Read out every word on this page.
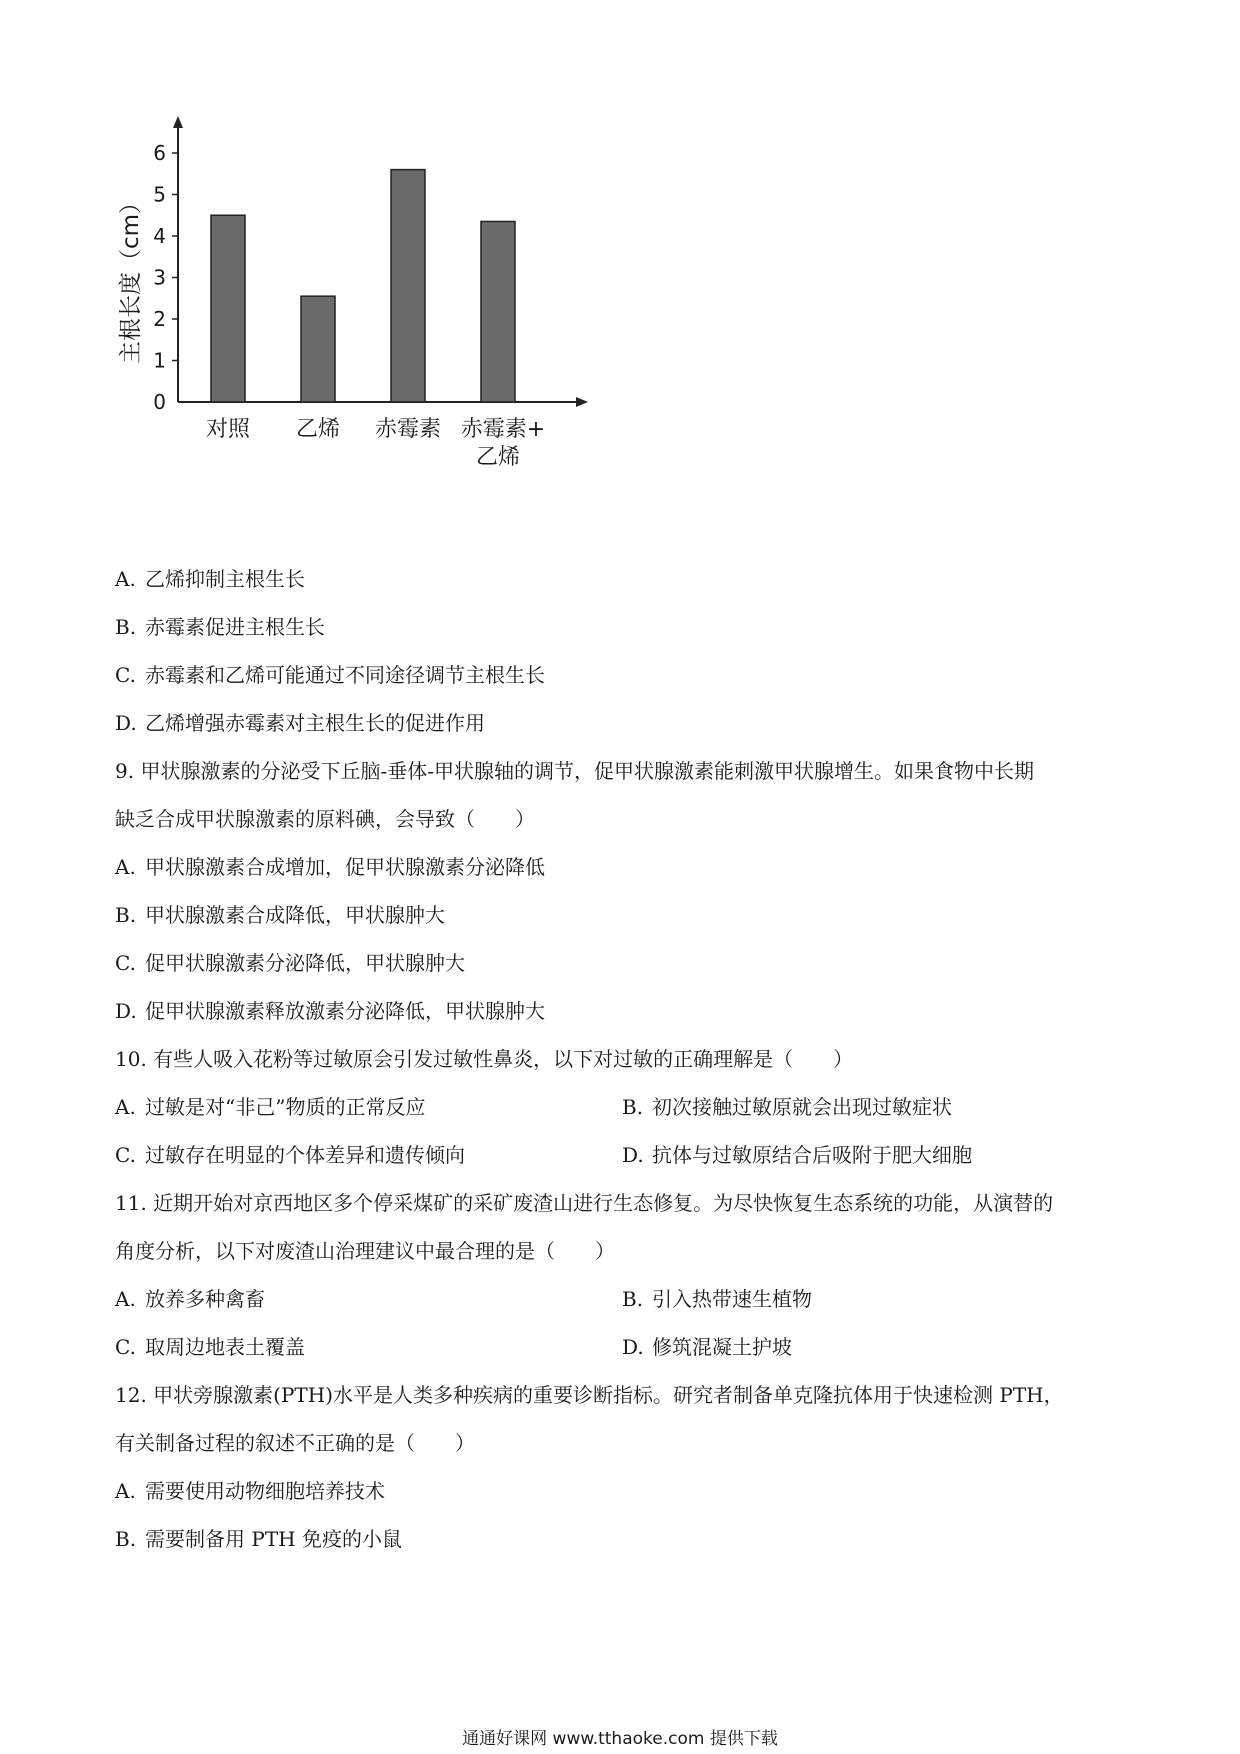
0
1
2
3
4
5
6
主根长度（cm）
对照 乙烯 赤霉素 赤霉素+
乙烯
A. 乙烯抑制主根生长
B. 赤霉素促进主根生长
C. 赤霉素和乙烯可能通过不同途径调节主根生长
D. 乙烯增强赤霉素对主根生长的促进作用
9. 甲状腺激素的分泌受下丘脑-垂体-甲状腺轴的调节，促甲状腺激素能刺激甲状腺增生。如果食物中长期
缺乏合成甲状腺激素的原料碘，会导致（　　）
A. 甲状腺激素合成增加，促甲状腺激素分泌降低
B. 甲状腺激素合成降低，甲状腺肿大
C. 促甲状腺激素分泌降低，甲状腺肿大
D. 促甲状腺激素释放激素分泌降低，甲状腺肿大
10. 有些人吸入花粉等过敏原会引发过敏性鼻炎，以下对过敏的正确理解是（　　）
A. 过敏是对“非己”物质的正常反应	B. 初次接触过敏原就会出现过敏症状
C. 过敏存在明显的个体差异和遗传倾向	D. 抗体与过敏原结合后吸附于肥大细胞
11. 近期开始对京西地区多个停采煤矿的采矿废渣山进行生态修复。为尽快恢复生态系统的功能，从演替的
角度分析，以下对废渣山治理建议中最合理的是（　　）
A. 放养多种禽畜	B. 引入热带速生植物
C. 取周边地表土覆盖	D. 修筑混凝土护坡
12. 甲状旁腺激素(PTH)水平是人类多种疾病的重要诊断指标。研究者制备单克隆抗体用于快速检测 PTH，
有关制备过程的叙述不正确的是（　　）
A. 需要使用动物细胞培养技术
B. 需要制备用 PTH 免疫的小鼠
通通好课网 www.tthaoke.com 提供下载
